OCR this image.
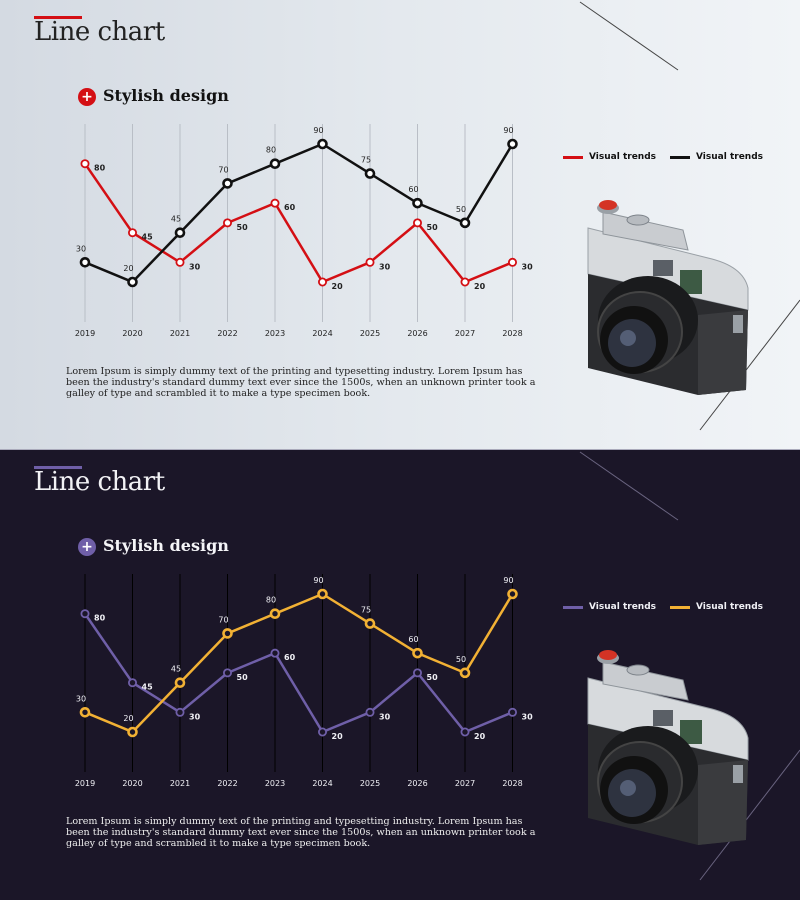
Line chart
+ Stylish design
2019	2020	2021	2022	2023	2024	2025	2026	2027	2028
80
45
30
50
60
20
30
50
20
30
30
20
45
70
80
90
75
60
50
90
Visual trends	Visual trends
Lorem Ipsum is simply dummy text of the printing and typesetting industry. Lorem Ipsum has been the industry's standard dummy text ever since the 1500s, when an unknown printer took a galley of type and scrambled it to make a type specimen book.
Line chart
+ Stylish design
2019	2020	2021	2022	2023	2024	2025	2026	2027	2028
80
45
30
50
60
20
30
50
20
30
30
20
45
70
80
90
75
60
50
90
Visual trends	Visual trends
Lorem Ipsum is simply dummy text of the printing and typesetting industry. Lorem Ipsum has been the industry's standard dummy text ever since the 1500s, when an unknown printer took a galley of type and scrambled it to make a type specimen book.
